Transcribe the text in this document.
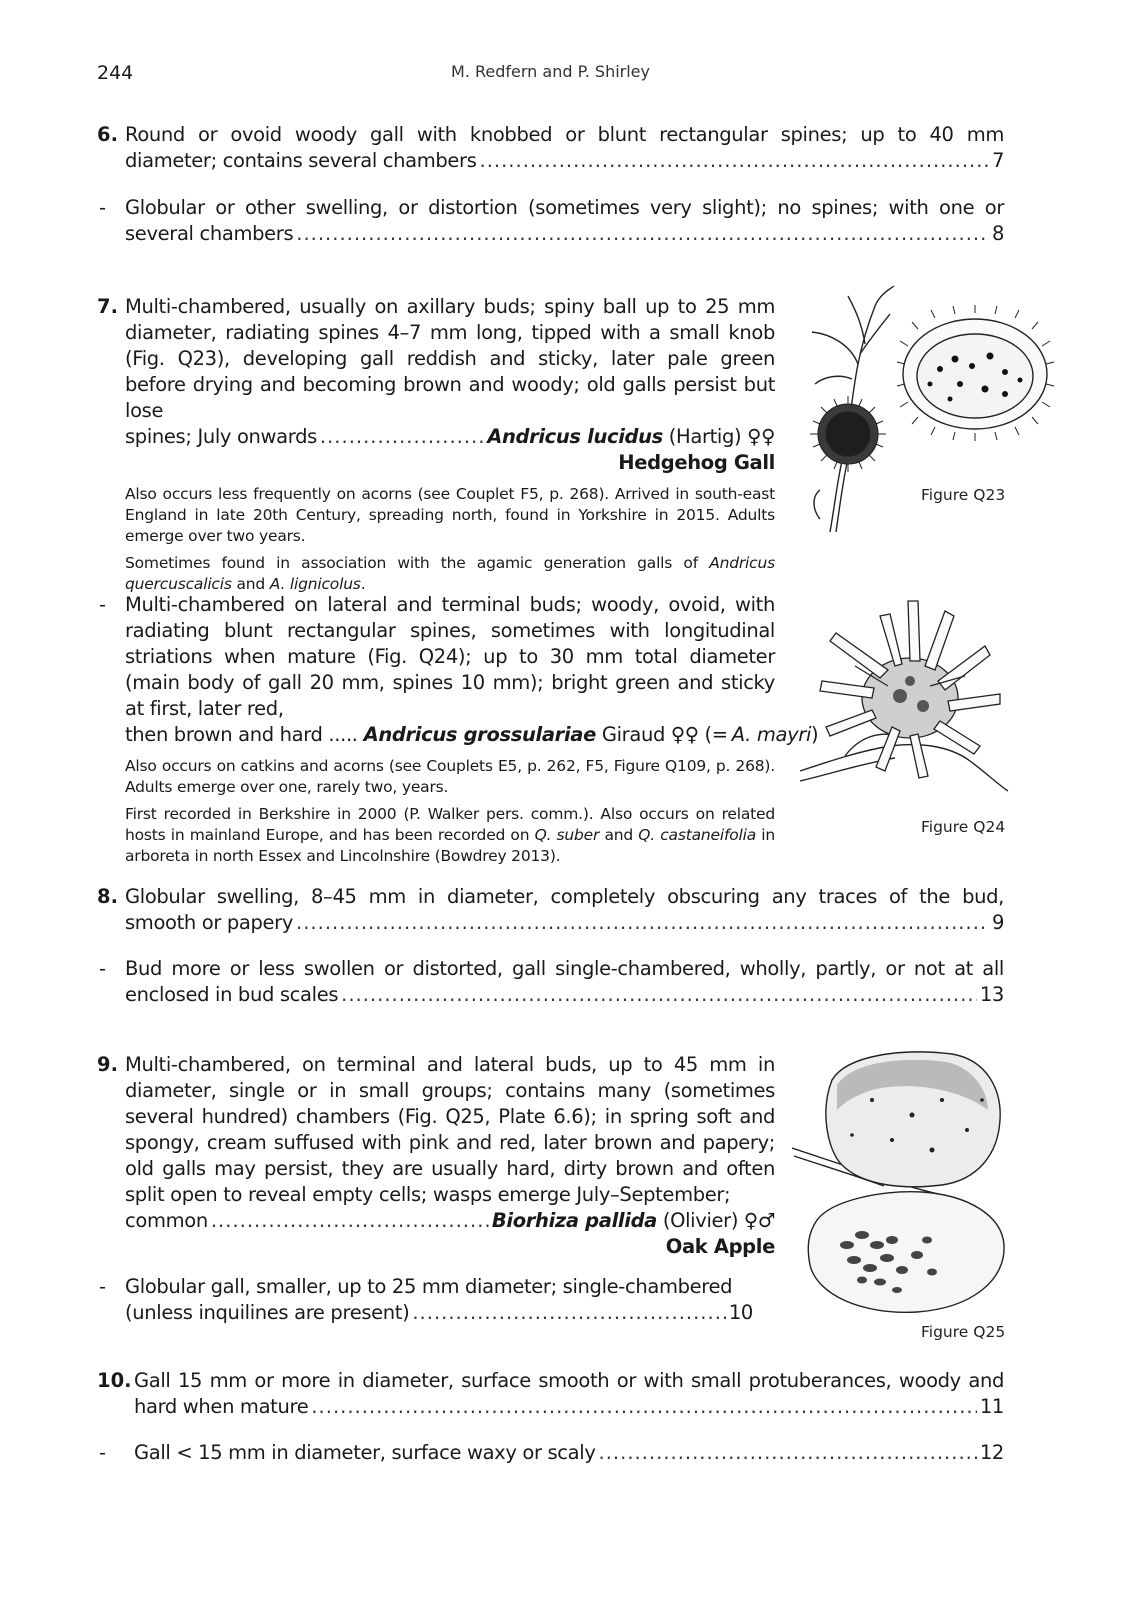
244	M. Redfern and P. Shirley
6. Round or ovoid woody gall with knobbed or blunt rectangular spines; up to 40 mm
diameter; contains several chambers .....	7
- Globular or other swelling, or distortion (sometimes very slight); no spines; with one or
several chambers .....	8
7. Multi-chambered, usually on axillary buds; spiny ball up to 25 mm diameter, radiating spines 4–7 mm long, tipped with a small knob (Fig. Q23), developing gall reddish and sticky, later pale green before drying and becoming brown and woody; old galls persist but lose
spines; July onwards .....	Andricus lucidus (Hartig) ♀♀
Hedgehog Gall
Also occurs less frequently on acorns (see Couplet F5, p. 268). Arrived in south-east England in late 20th Century, spreading north, found in Yorkshire in 2015. Adults emerge over two years.
Sometimes found in association with the agamic generation galls of Andricus quercuscalicis and A. lignicolus.
Figure Q23
- Multi-chambered on lateral and terminal buds; woody, ovoid, with radiating blunt rectangular spines, sometimes with longitudinal striations when mature (Fig. Q24); up to 30 mm total diameter (main body of gall 20 mm, spines 10 mm); bright green and sticky at first, later red,
then brown and hard ..... Andricus grossulariae Giraud ♀♀ (= A. mayri)
Also occurs on catkins and acorns (see Couplets E5, p. 262, F5, Figure Q109, p. 268). Adults emerge over one, rarely two, years.
First recorded in Berkshire in 2000 (P. Walker pers. comm.). Also occurs on related hosts in mainland Europe, and has been recorded on Q. suber and Q. castaneifolia in arboreta in north Essex and Lincolnshire (Bowdrey 2013).
Figure Q24
8. Globular swelling, 8–45 mm in diameter, completely obscuring any traces of the bud,
smooth or papery .....	9
- Bud more or less swollen or distorted, gall single-chambered, wholly, partly, or not at all
enclosed in bud scales .....	13
9. Multi-chambered, on terminal and lateral buds, up to 45 mm in diameter, single or in small groups; contains many (sometimes several hundred) chambers (Fig. Q25, Plate 6.6); in spring soft and spongy, cream suffused with pink and red, later brown and papery; old galls may persist, they are usually hard, dirty brown and often split open to reveal empty cells; wasps emerge July–September;
common .....	Biorhiza pallida (Olivier) ♀♂
Oak Apple
- Globular gall, smaller, up to 25 mm diameter; single-chambered
(unless inquilines are present) .....	10
Figure Q25
10. Gall 15 mm or more in diameter, surface smooth or with small protuberances, woody and
hard when mature .....	11
- Gall < 15 mm in diameter, surface waxy or scaly .....	12
